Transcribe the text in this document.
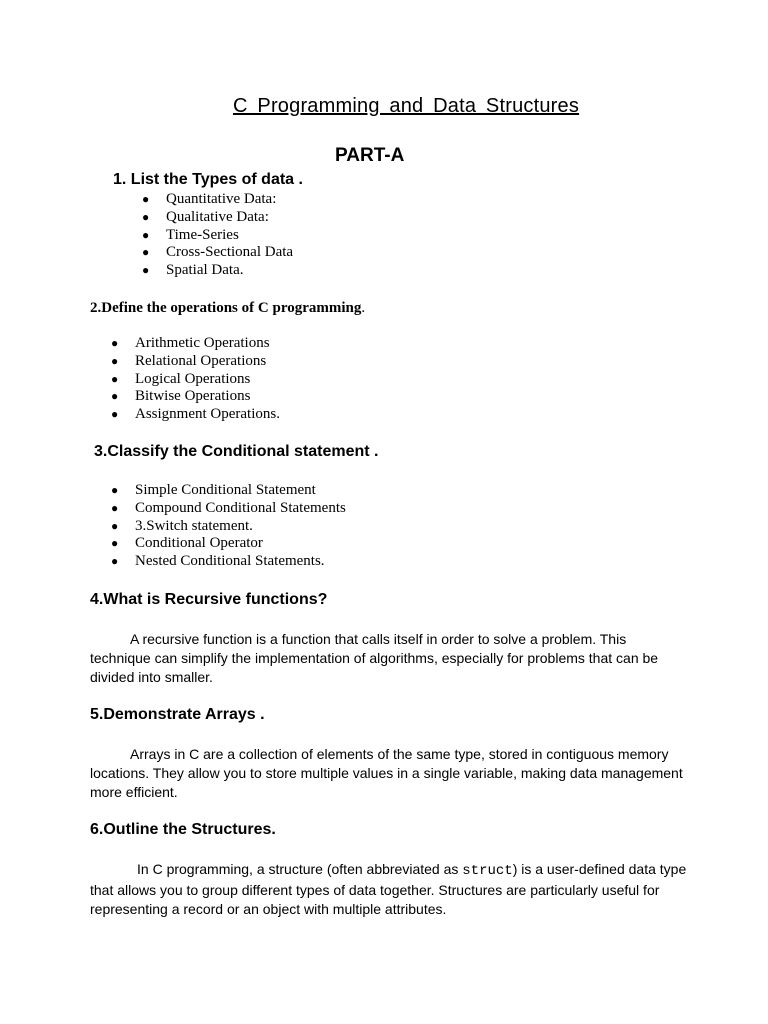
C Programming and Data Structures
PART-A
1. List the Types of data .
● Quantitative Data:
● Qualitative Data:
● Time-Series
● Cross-Sectional Data
● Spatial Data.
2.Define the operations of C programming.
● Arithmetic Operations
● Relational Operations
● Logical Operations
● Bitwise Operations
● Assignment Operations.
3.Classify the Conditional statement .
● Simple Conditional Statement
● Compound Conditional Statements
● 3.Switch statement.
● Conditional Operator
● Nested Conditional Statements.
4.What is Recursive functions?
A recursive function is a function that calls itself in order to solve a problem. This technique can simplify the implementation of algorithms, especially for problems that can be divided into smaller.
5.Demonstrate Arrays .
Arrays in C are a collection of elements of the same type, stored in contiguous memory locations. They allow you to store multiple values in a single variable, making data management more efficient.
6.Outline the Structures.
In C programming, a structure (often abbreviated as struct) is a user-defined data type that allows you to group different types of data together. Structures are particularly useful for representing a record or an object with multiple attributes.
